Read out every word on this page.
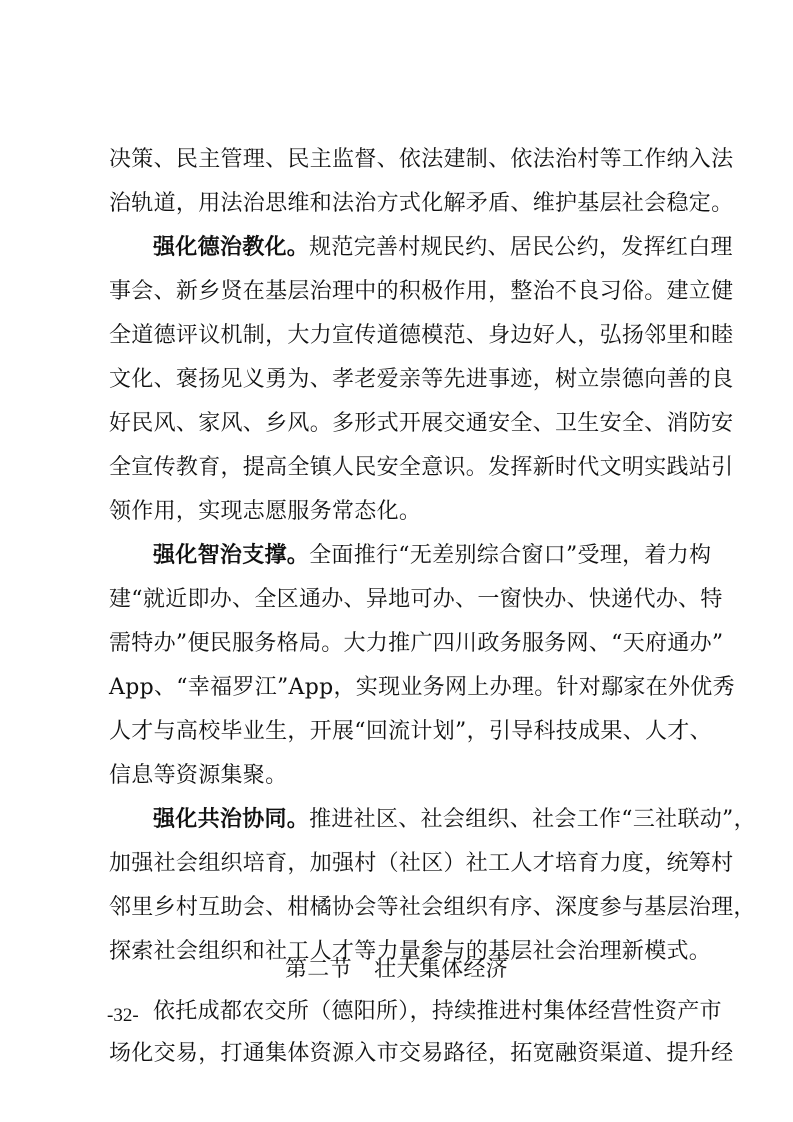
决策、民主管理、民主监督、依法建制、依法治村等工作纳入法
治轨道，用法治思维和法治方式化解矛盾、维护基层社会稳定。
强化德治教化。规范完善村规民约、居民公约，发挥红白理
事会、新乡贤在基层治理中的积极作用，整治不良习俗。建立健
全道德评议机制，大力宣传道德模范、身边好人，弘扬邻里和睦
文化、褒扬见义勇为、孝老爱亲等先进事迹，树立崇德向善的良
好民风、家风、乡风。多形式开展交通安全、卫生安全、消防安
全宣传教育，提高全镇人民安全意识。发挥新时代文明实践站引
领作用，实现志愿服务常态化。
强化智治支撑。全面推行“无差别综合窗口”受理，着力构
建“就近即办、全区通办、异地可办、一窗快办、快递代办、特
需特办”便民服务格局。大力推广四川政务服务网、“天府通办”
App、“幸福罗江”App，实现业务网上办理。针对鄢家在外优秀
人才与高校毕业生，开展“回流计划”，引导科技成果、人才、
信息等资源集聚。
强化共治协同。推进社区、社会组织、社会工作“三社联动”，
加强社会组织培育，加强村（社区）社工人才培育力度，统筹村
邻里乡村互助会、柑橘协会等社会组织有序、深度参与基层治理，
探索社会组织和社工人才等力量参与的基层社会治理新模式。
第二节　壮大集体经济
依托成都农交所（德阳所），持续推进村集体经营性资产市
场化交易，打通集体资源入市交易路径，拓宽融资渠道、提升经
-32-
